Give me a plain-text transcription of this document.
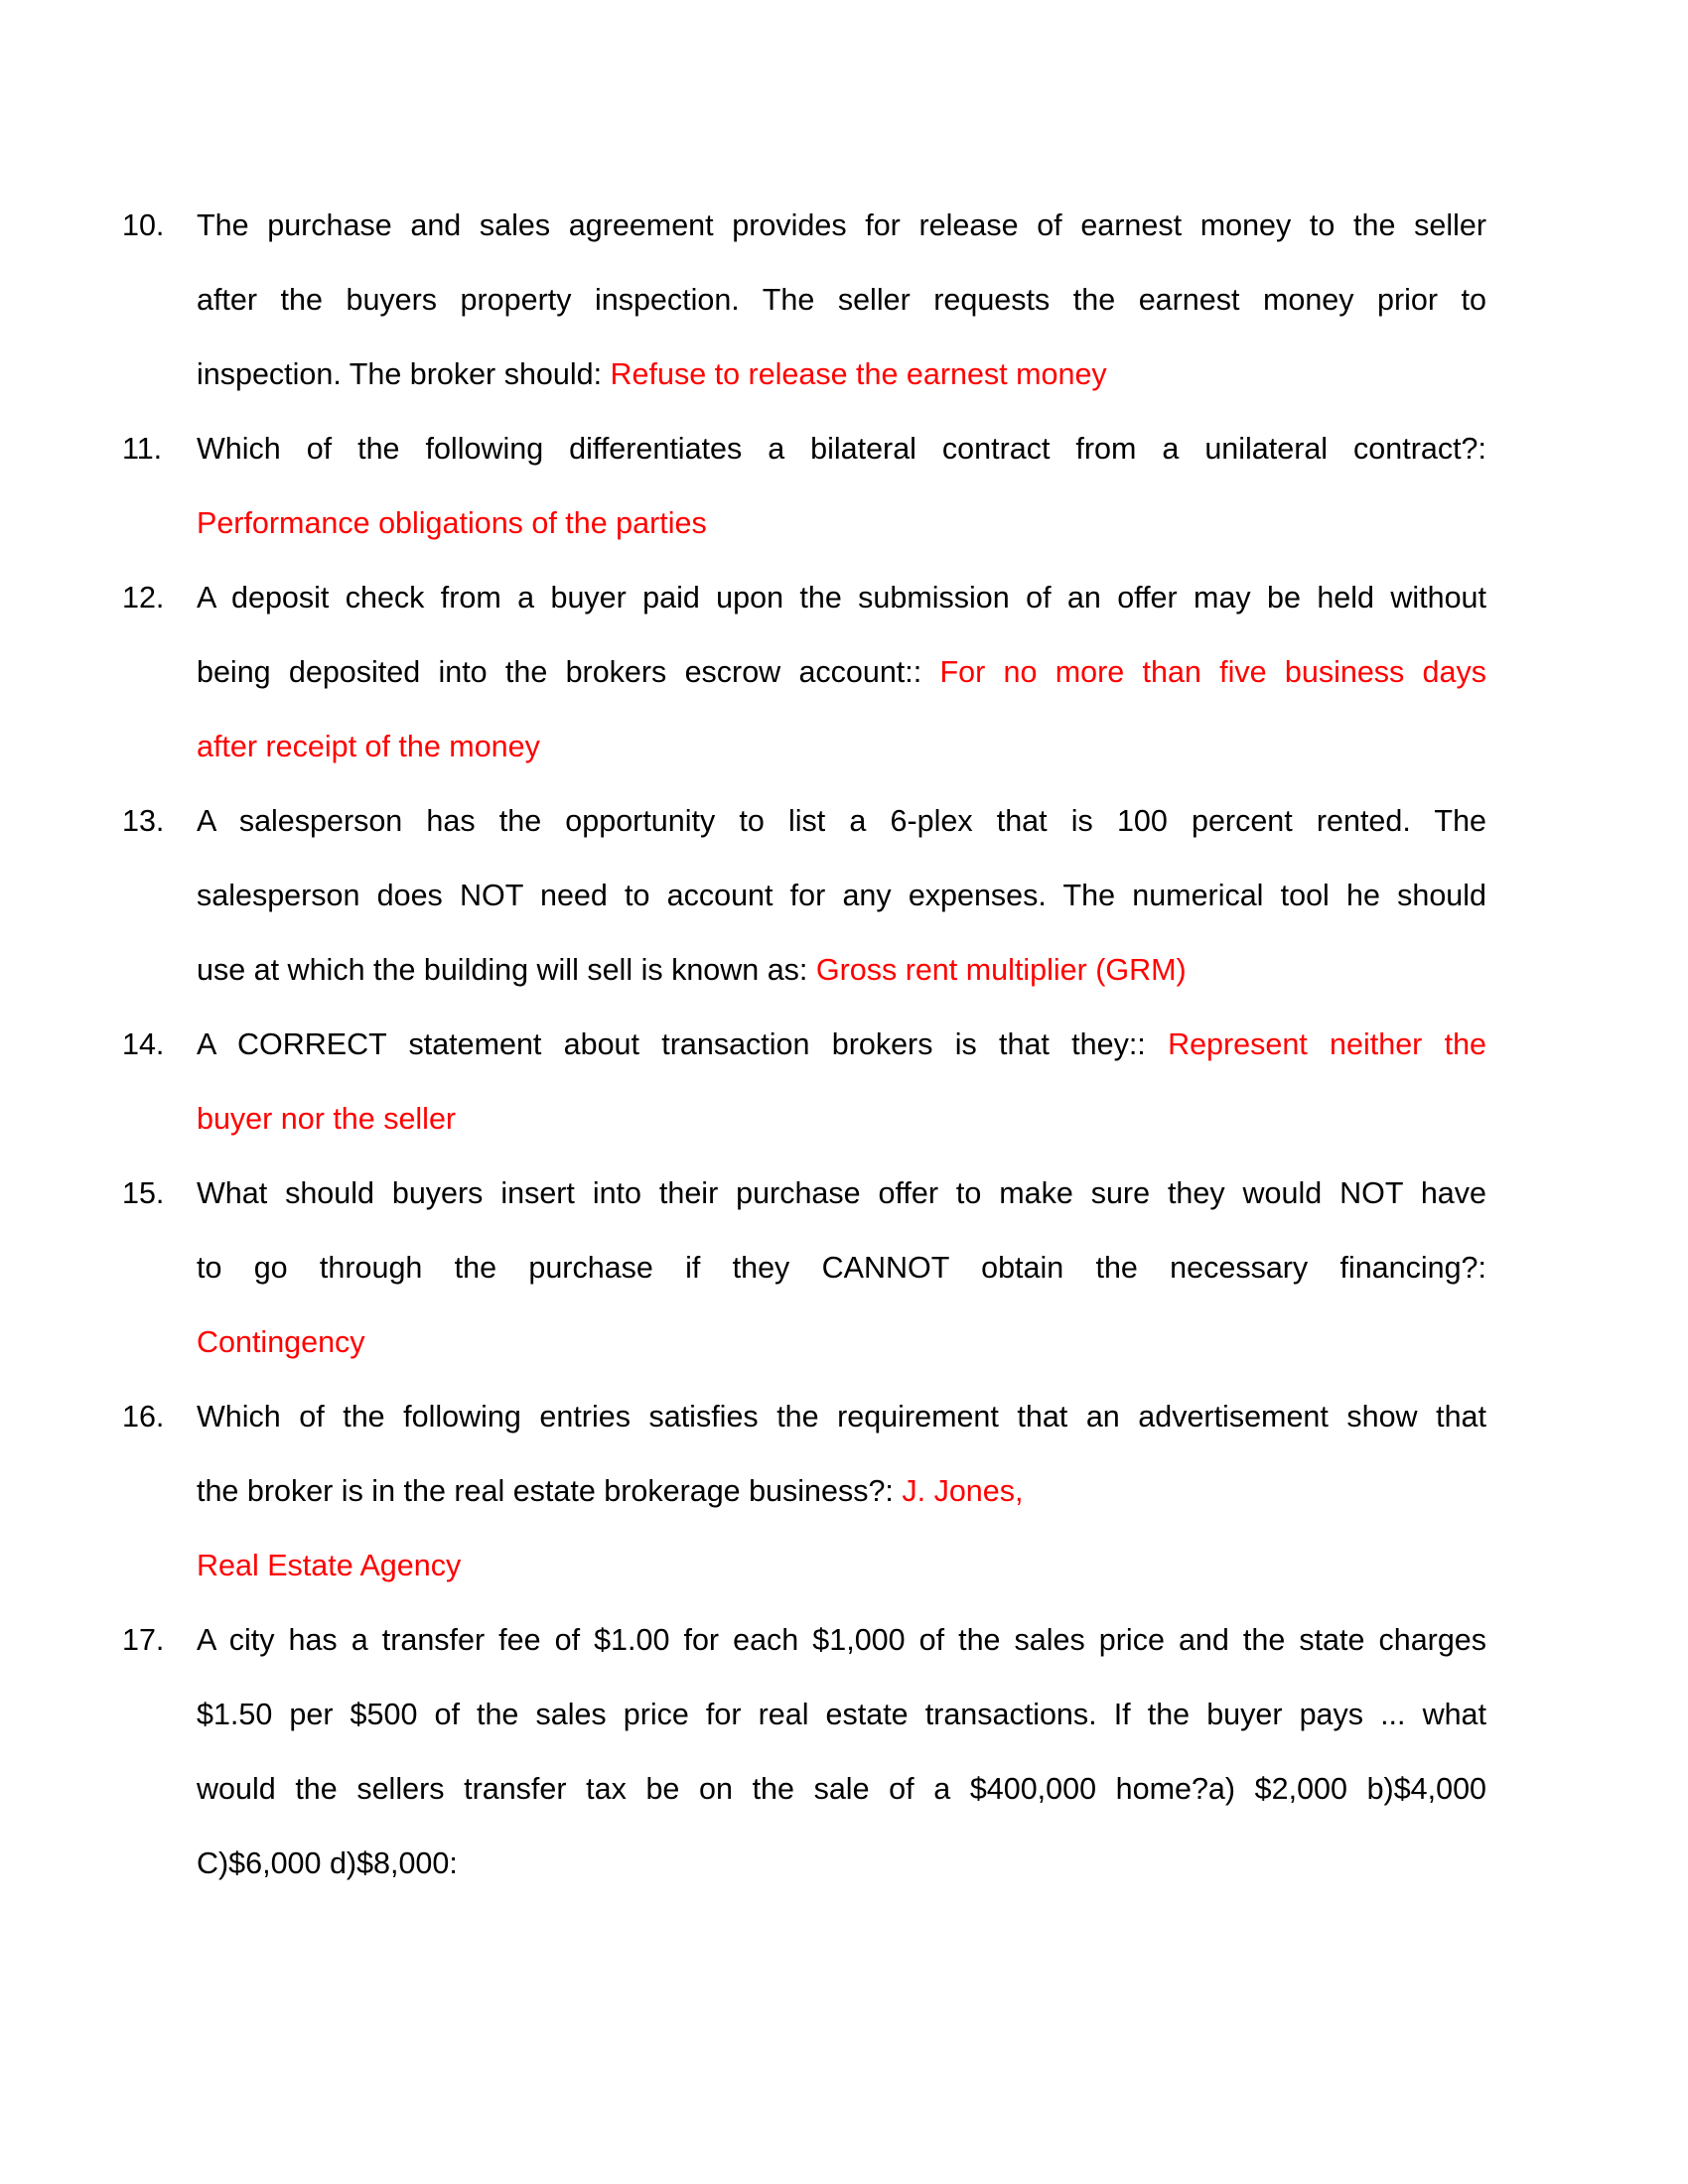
10.	The purchase and sales agreement provides for release of earnest money to the seller
after the buyers property inspection. The seller requests the earnest money prior to
inspection. The broker should: Refuse to release the earnest money
11.	Which of the following differentiates a bilateral contract from a unilateral contract?:
Performance obligations of the parties
12.	A deposit check from a buyer paid upon the submission of an offer may be held without
being deposited into the brokers escrow account:: For no more than five business days
after receipt of the money
13.	A salesperson has the opportunity to list a 6-plex that is 100 percent rented. The
salesperson does NOT need to account for any expenses. The numerical tool he should
use at which the building will sell is known as: Gross rent multiplier (GRM)
14.	A CORRECT statement about transaction brokers is that they:: Represent neither the
buyer nor the seller
15.	What should buyers insert into their purchase offer to make sure they would NOT have
to go through the purchase if they CANNOT obtain the necessary financing?:
Contingency
16.	Which of the following entries satisfies the requirement that an advertisement show that
the broker is in the real estate brokerage business?: J. Jones,
Real Estate Agency
17.	A city has a transfer fee of $1.00 for each $1,000 of the sales price and the state charges
$1.50 per $500 of the sales price for real estate transactions. If the buyer pays ... what
would the sellers transfer tax be on the sale of a $400,000 home?a) $2,000 b)$4,000
C)$6,000 d)$8,000:
